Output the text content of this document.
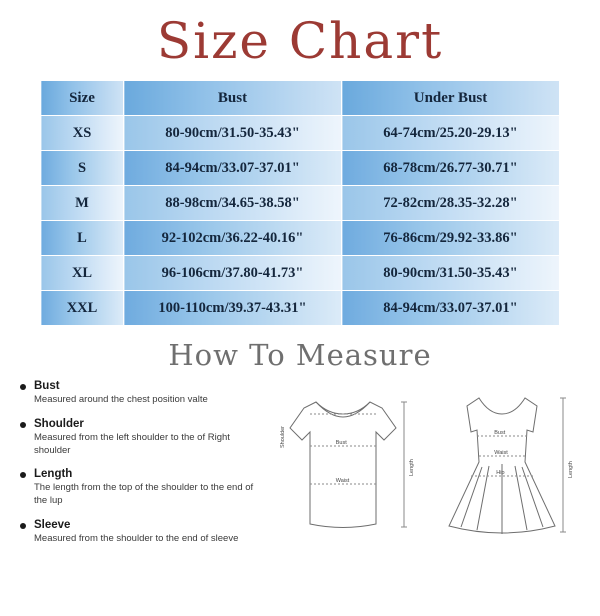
Size Chart
Size	Bust	Under Bust
XS	80-90cm/31.50-35.43"	64-74cm/25.20-29.13"
S	84-94cm/33.07-37.01"	68-78cm/26.77-30.71"
M	88-98cm/34.65-38.58"	72-82cm/28.35-32.28"
L	92-102cm/36.22-40.16"	76-86cm/29.92-33.86"
XL	96-106cm/37.80-41.73"	80-90cm/31.50-35.43"
XXL	100-110cm/39.37-43.31"	84-94cm/33.07-37.01"
How To Measure
Bust
Measured around the chest position valte
Shoulder
Measured from the left shoulder to the of Right shoulder
Length
The length from the top of the shoulder to the end of the lup
Sleeve
Measured from the shoulder to the end of sleeve
Shoulder	Bust
Waist
Length
Bust
Waist
Hip	Length
